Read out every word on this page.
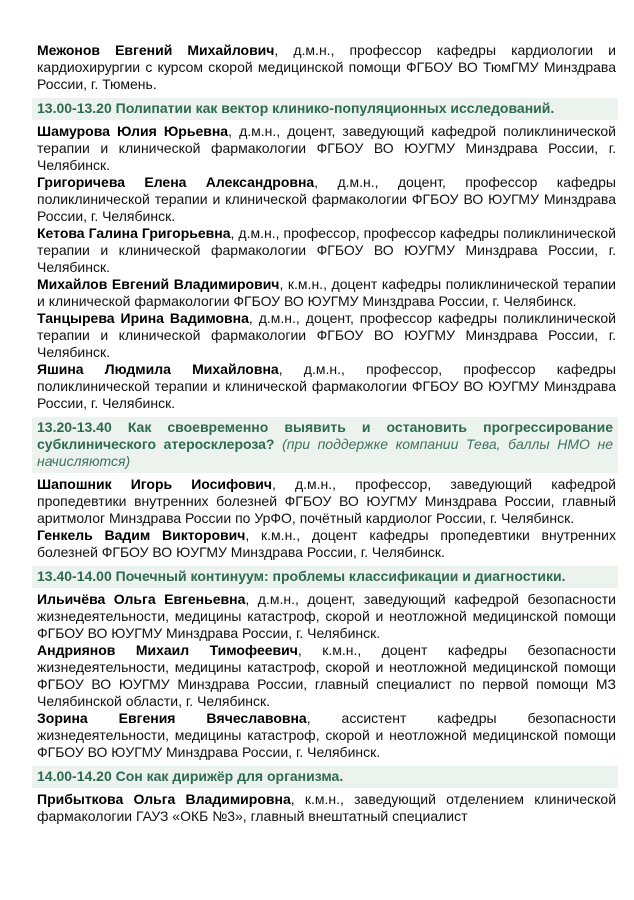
Межонов Евгений Михайлович, д.м.н., профессор кафедры кардиологии и кардиохирургии с курсом скорой медицинской помощи ФГБОУ ВО ТюмГМУ Минздрава России, г. Тюмень.

13.00-13.20 Полипатии как вектор клинико-популяционных исследований.

Шамурова Юлия Юрьевна, д.м.н., доцент, заведующий кафедрой поликлинической терапии и клинической фармакологии ФГБОУ ВО ЮУГМУ Минздрава России, г. Челябинск.

Григоричева Елена Александровна, д.м.н., доцент, профессор кафедры поликлинической терапии и клинической фармакологии ФГБОУ ВО ЮУГМУ Минздрава России, г. Челябинск.

Кетова Галина Григорьевна, д.м.н., профессор, профессор кафедры поликлинической терапии и клинической фармакологии ФГБОУ ВО ЮУГМУ Минздрава России, г. Челябинск.

Михайлов Евгений Владимирович, к.м.н., доцент кафедры поликлинической терапии и клинической фармакологии ФГБОУ ВО ЮУГМУ Минздрава России, г. Челябинск.

Танцырева Ирина Вадимовна, д.м.н., доцент, профессор кафедры поликлинической терапии и клинической фармакологии ФГБОУ ВО ЮУГМУ Минздрава России, г. Челябинск.

Яшина Людмила Михайловна, д.м.н., профессор, профессор кафедры поликлинической терапии и клинической фармакологии ФГБОУ ВО ЮУГМУ Минздрава России, г. Челябинск.

13.20-13.40 Как своевременно выявить и остановить прогрессирование субклинического атеросклероза? (при поддержке компании Тева, баллы НМО не начисляются)

Шапошник Игорь Иосифович, д.м.н., профессор, заведующий кафедрой пропедевтики внутренних болезней ФГБОУ ВО ЮУГМУ Минздрава России, главный аритмолог Минздрава России по УрФО, почётный кардиолог России, г. Челябинск.

Генкель Вадим Викторович, к.м.н., доцент кафедры пропедевтики внутренних болезней ФГБОУ ВО ЮУГМУ Минздрава России, г. Челябинск.

13.40-14.00 Почечный континуум: проблемы классификации и диагностики.

Ильичёва Ольга Евгеньевна, д.м.н., доцент, заведующий кафедрой безопасности жизнедеятельности, медицины катастроф, скорой и неотложной медицинской помощи ФГБОУ ВО ЮУГМУ Минздрава России, г. Челябинск.

Андриянов Михаил Тимофеевич, к.м.н., доцент кафедры безопасности жизнедеятельности, медицины катастроф, скорой и неотложной медицинской помощи ФГБОУ ВО ЮУГМУ Минздрава России, главный специалист по первой помощи МЗ Челябинской области, г. Челябинск.

Зорина Евгения Вячеславовна, ассистент кафедры безопасности жизнедеятельности, медицины катастроф, скорой и неотложной медицинской помощи ФГБОУ ВО ЮУГМУ Минздрава России, г. Челябинск.

14.00-14.20 Сон как дирижёр для организма.

Прибыткова Ольга Владимировна, к.м.н., заведующий отделением клинической фармакологии ГАУЗ «ОКБ №3», главный внештатный специалист
